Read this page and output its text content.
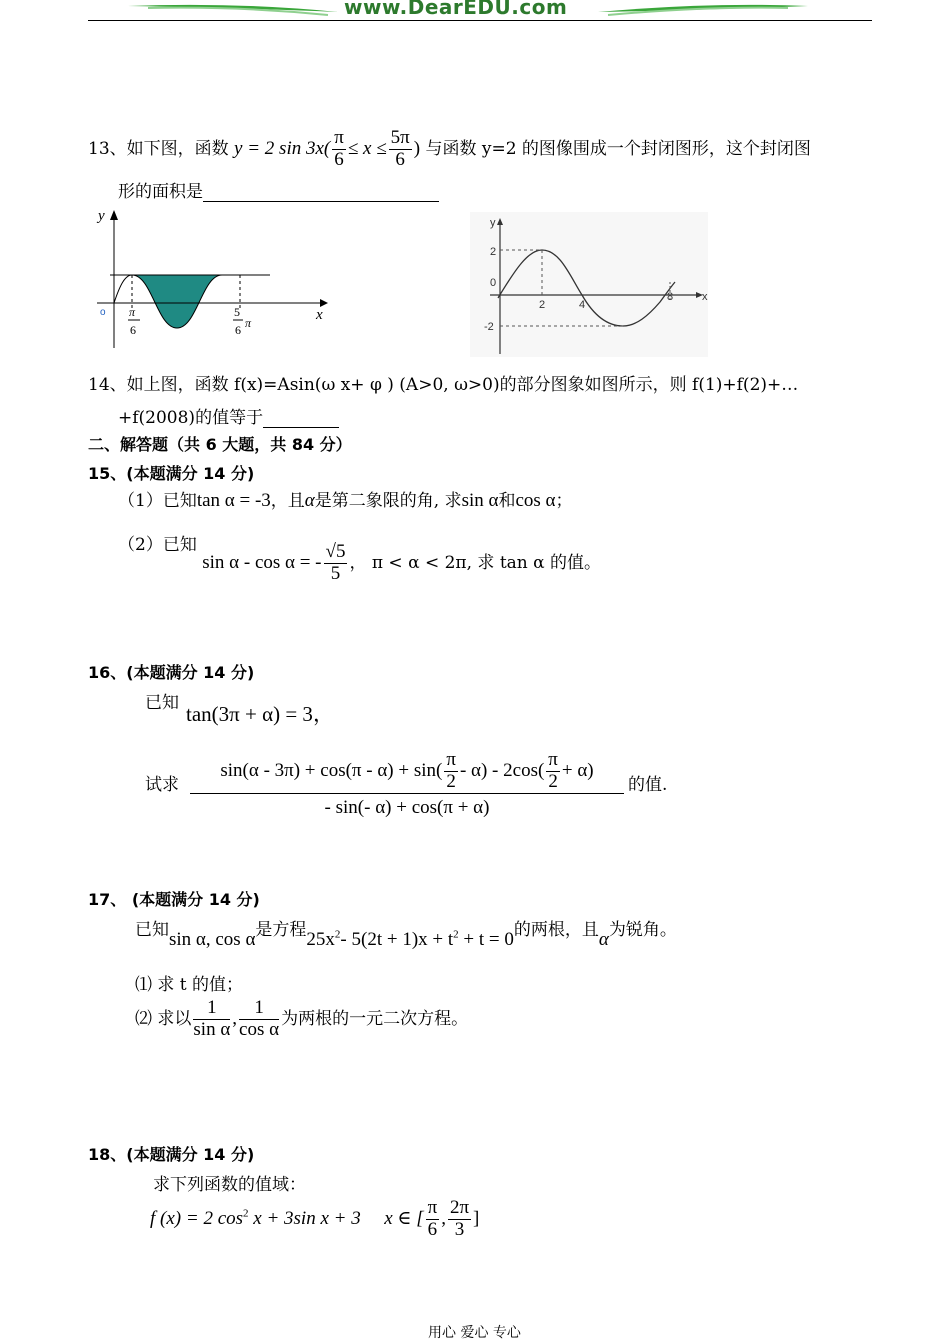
www.DearEDU.com
13、如下图，函数 y = 2 $\sin 3x( \frac{\pi}{6} \le x \le \frac{5\pi}{6}$ ) 与函数 y=2 的图像围成一个封闭图形，这个封闭图
形的面积是
y
x
o π
6
5
6 π
y
x
2
0
-2
2	4
8
14、如上图，函数 f(x)=Asin(ω x+ φ ) (A>0, ω>0)的部分图象如图所示，则 f(1)+f(2)+…
+f(2008)的值等于
二、解答题（共 6 大题，共 84 分）
15、(本题满分 14 分)
（1）已知tan α = -3，且α是第二象限的角, 求sin α和cos α；
（2）已知 sin α - cos α = - $\frac{√5}{5}$ ， π < α < 2π, 求 tan α 的值。
16、(本题满分 14 分)
已知 tan(3π + α) = 3，
试求
$\sin(\alpha - 3\pi) + \cos(\pi - \alpha) + \sin( \frac{\pi}{2} - \alpha) - 2\cos( \frac{\pi}{2} + \alpha)$
- sin(- α) + cos(π + α)
的值.
17、 (本题满分 14 分)
已知sin α, cos α是方程$25x^2-$ $5(2t + 1)x + t^2 + t = 0$的两根，且α为锐角。
⑴ 求 t 的值；
⑵ 求以 $\frac{1}{\text{sin α}}$ , $\frac{1}{\text{cos α}}$ 为两根的一元二次方程。
18、(本题满分 14 分)
求下列函数的值域：
f (x) = 2 $\cos^2 x + 3\sin$ x + 3 x ∈ [ $\frac{\pi}{6}$ , $\frac{2\pi}{3}$ ]
用心 爱心 专心
